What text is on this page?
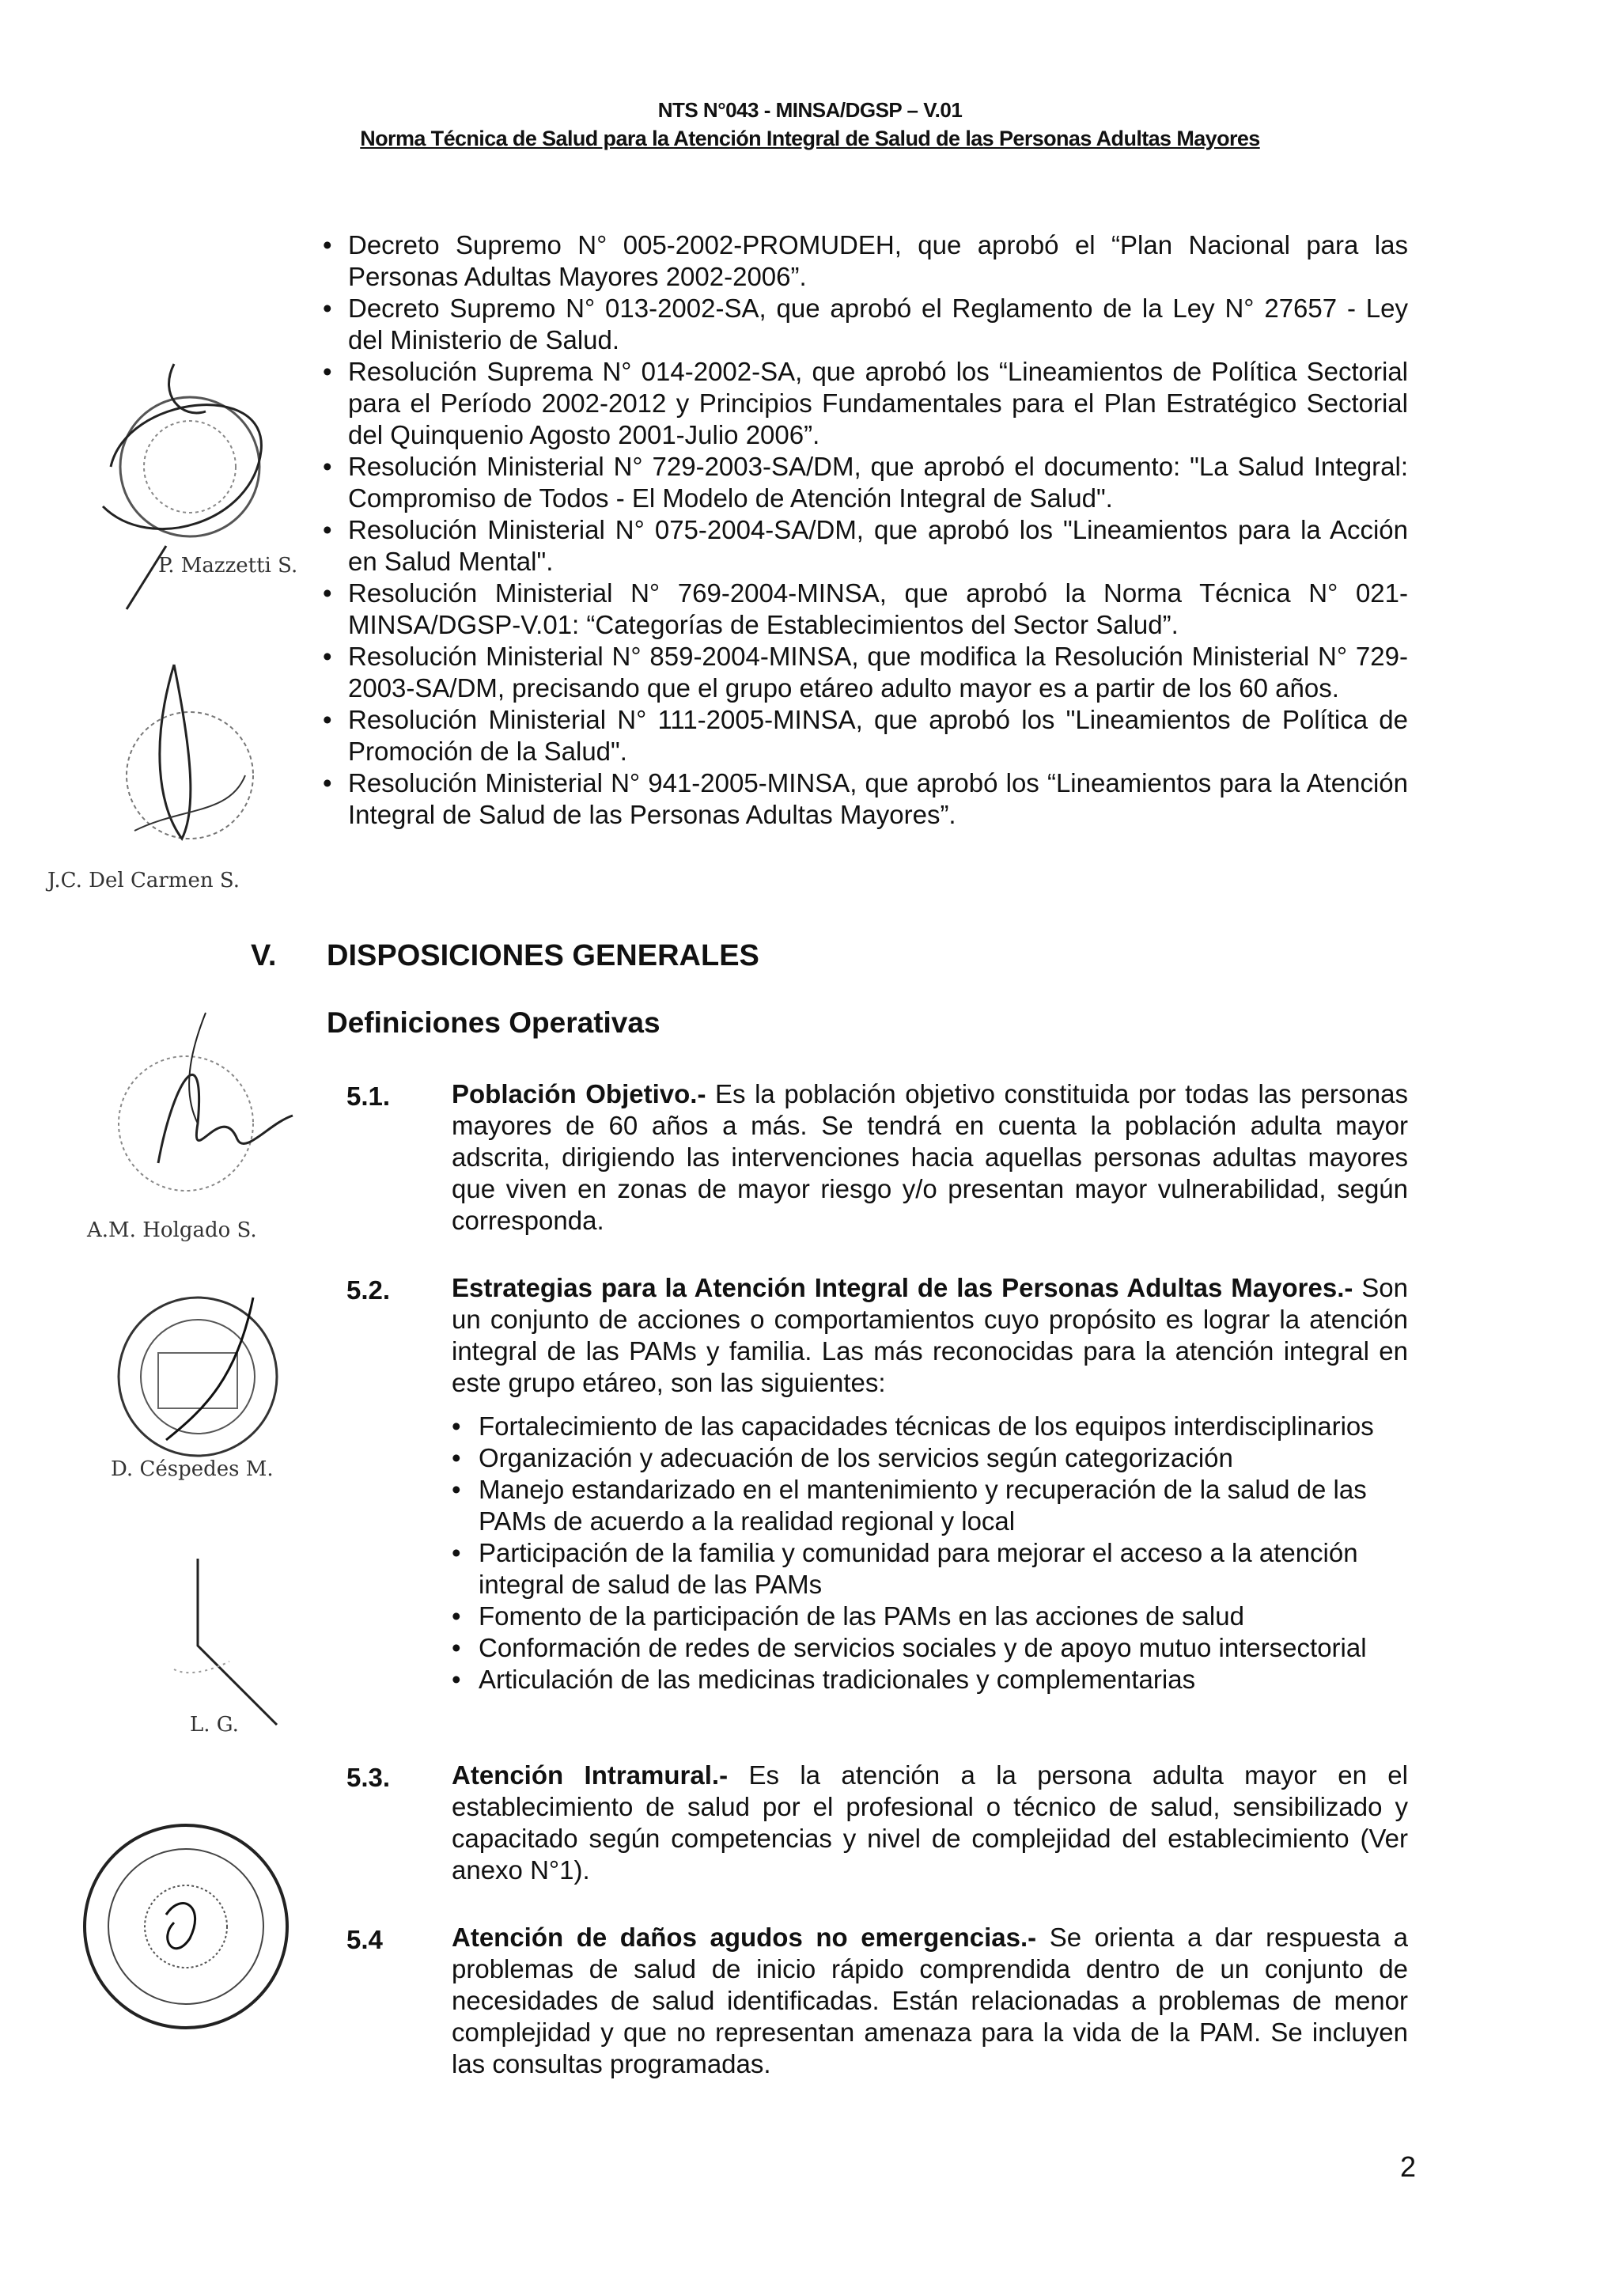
NTS N°043 - MINSA/DGSP – V.01
Norma Técnica de Salud para la Atención Integral de Salud de las Personas Adultas Mayores
• Decreto Supremo N° 005-2002-PROMUDEH, que aprobó el “Plan Nacional para las Personas Adultas Mayores 2002-2006”.
• Decreto Supremo N° 013-2002-SA, que aprobó el Reglamento de la Ley N° 27657 - Ley del Ministerio de Salud.
• Resolución Suprema N° 014-2002-SA, que aprobó los “Lineamientos de Política Sectorial para el Período 2002-2012 y Principios Fundamentales para el Plan Estratégico Sectorial del Quinquenio Agosto 2001-Julio 2006”.
• Resolución Ministerial N° 729-2003-SA/DM, que aprobó el documento: "La Salud Integral: Compromiso de Todos - El Modelo de Atención Integral de Salud".
• Resolución Ministerial N° 075-2004-SA/DM, que aprobó los "Lineamientos para la Acción en Salud Mental".
• Resolución Ministerial N° 769-2004-MINSA, que aprobó la Norma Técnica N° 021-MINSA/DGSP-V.01: “Categorías de Establecimientos del Sector Salud”.
• Resolución Ministerial N° 859-2004-MINSA, que modifica la Resolución Ministerial N° 729-2003-SA/DM, precisando que el grupo etáreo adulto mayor es a partir de los 60 años.
• Resolución Ministerial N° 111-2005-MINSA, que aprobó los "Lineamientos de Política de Promoción de la Salud".
• Resolución Ministerial N° 941-2005-MINSA, que aprobó los “Lineamientos para la Atención Integral de Salud de las Personas Adultas Mayores”.
V. DISPOSICIONES GENERALES
Definiciones Operativas
5.1. Población Objetivo.- Es la población objetivo constituida por todas las personas mayores de 60 años a más. Se tendrá en cuenta la población adulta mayor adscrita, dirigiendo las intervenciones hacia aquellas personas adultas mayores que viven en zonas de mayor riesgo y/o presentan mayor vulnerabilidad, según corresponda.
5.2. Estrategias para la Atención Integral de las Personas Adultas Mayores.- Son un conjunto de acciones o comportamientos cuyo propósito es lograr la atención integral de las PAMs y familia. Las más reconocidas para la atención integral en este grupo etáreo, son las siguientes:
• Fortalecimiento de las capacidades técnicas de los equipos interdisciplinarios
• Organización y adecuación de los servicios según categorización
• Manejo estandarizado en el mantenimiento y recuperación de la salud de las PAMs de acuerdo a la realidad regional y local
• Participación de la familia y comunidad para mejorar el acceso a la atención integral de salud de las PAMs
• Fomento de la participación de las PAMs en las acciones de salud
• Conformación de redes de servicios sociales y de apoyo mutuo intersectorial
• Articulación de las medicinas tradicionales y complementarias
5.3. Atención Intramural.- Es la atención a la persona adulta mayor en el establecimiento de salud por el profesional o técnico de salud, sensibilizado y capacitado según competencias y nivel de complejidad del establecimiento (Ver anexo N°1).
5.4	Atención de daños agudos no emergencias.- Se orienta a dar respuesta a problemas de salud de inicio rápido comprendida dentro de un conjunto de necesidades de salud identificadas. Están relacionadas a problemas de menor complejidad y que no representan amenaza para la vida de la PAM. Se incluyen las consultas programadas.
P. Mazzetti S.
J.C. Del Carmen S.
A.M. Holgado S.
D. Céspedes M.
L. G.
2
